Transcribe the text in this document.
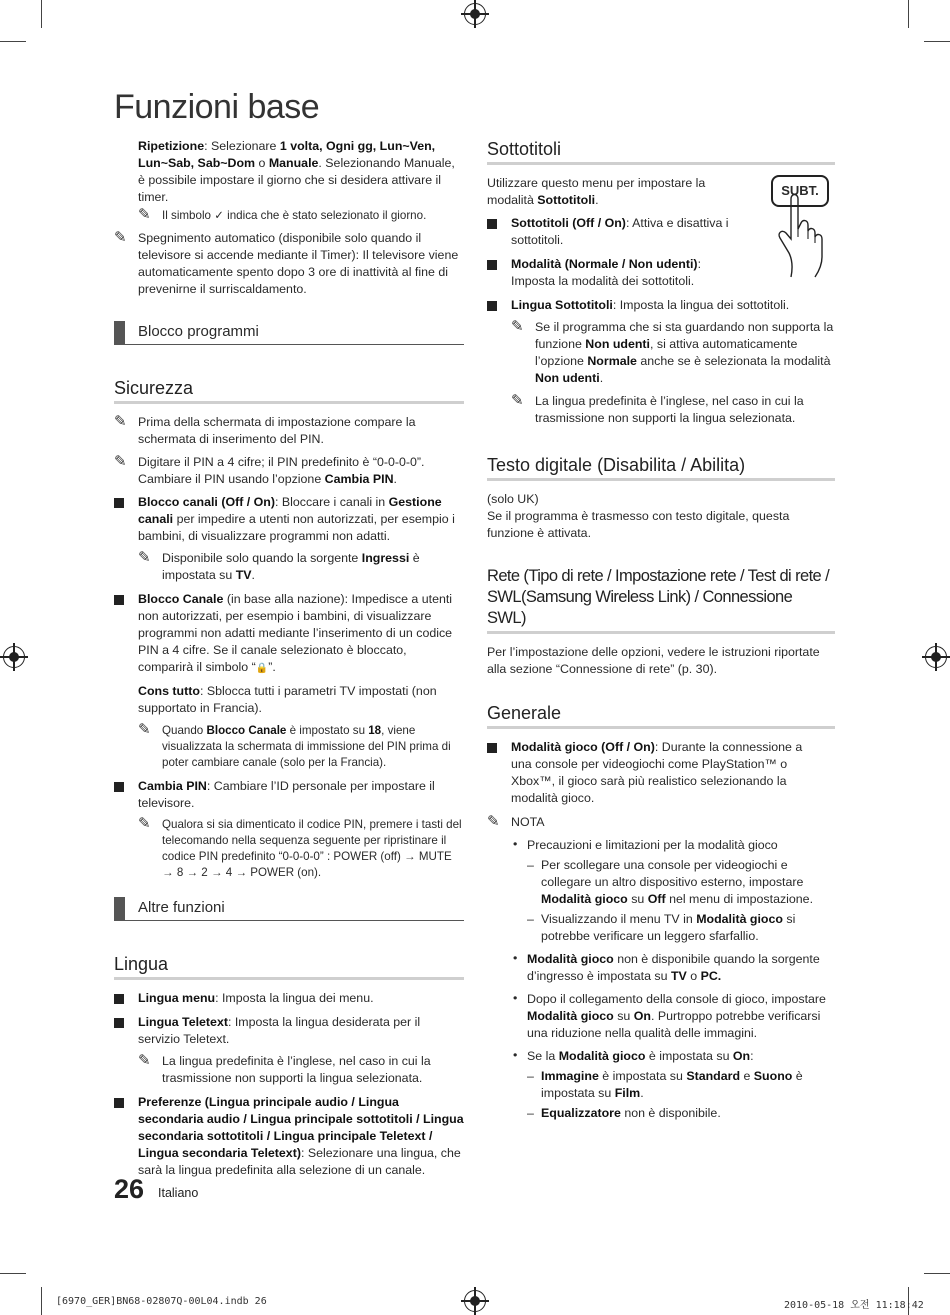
Funzioni base
Ripetizione: Selezionare 1 volta, Ogni gg, Lun~Ven, Lun~Sab, Sab~Dom o Manuale. Selezionando Manuale, è possibile impostare il giorno che si desidera attivare il timer.
✎ Il simbolo ✓ indica che è stato selezionato il giorno.
✎ Spegnimento automatico (disponibile solo quando il televisore si accende mediante il Timer): Il televisore viene automaticamente spento dopo 3 ore di inattività al fine di prevenirne il surriscaldamento.
Blocco programmi
Sicurezza
✎ Prima della schermata di impostazione compare la schermata di inserimento del PIN.
✎ Digitare il PIN a 4 cifre; il PIN predefinito è “0-0-0-0”. Cambiare il PIN usando l’opzione Cambia PIN.
Blocco canali (Off / On): Bloccare i canali in Gestione canali per impedire a utenti non autorizzati, per esempio i bambini, di visualizzare programmi non adatti.
✎ Disponibile solo quando la sorgente Ingressi è impostata su TV.
Blocco Canale (in base alla nazione): Impedisce a utenti non autorizzati, per esempio i bambini, di visualizzare programmi non adatti mediante l’inserimento di un codice PIN a 4 cifre. Se il canale selezionato è bloccato, comparirà il simbolo “🔒”.
Cons tutto: Sblocca tutti i parametri TV impostati (non supportato in Francia).
✎ Quando Blocco Canale è impostato su 18, viene visualizzata la schermata di immissione del PIN prima di poter cambiare canale (solo per la Francia).
Cambia PIN: Cambiare l’ID personale per impostare il televisore.
✎ Qualora si sia dimenticato il codice PIN, premere i tasti del telecomando nella sequenza seguente per ripristinare il codice PIN predefinito “0-0-0-0” : POWER (off) → MUTE → 8 → 2 → 4 → POWER (on).
Altre funzioni
Lingua
Lingua menu: Imposta la lingua dei menu.
Lingua Teletext: Imposta la lingua desiderata per il servizio Teletext.
✎ La lingua predefinita è l’inglese, nel caso in cui la trasmissione non supporti la lingua selezionata.
Preferenze (Lingua principale audio / Lingua secondaria audio / Lingua principale sottotitoli / Lingua secondaria sottotitoli / Lingua principale Teletext / Lingua secondaria Teletext): Selezionare una lingua, che sarà la lingua predefinita alla selezione di un canale.
Sottotitoli
SUBT.
Utilizzare questo menu per impostare la modalità Sottotitoli.
Sottotitoli (Off / On): Attiva e disattiva i sottotitoli.
Modalità (Normale / Non udenti): Imposta la modalità dei sottotitoli.
Lingua Sottotitoli: Imposta la lingua dei sottotitoli.
✎ Se il programma che si sta guardando non supporta la funzione Non udenti, si attiva automaticamente l’opzione Normale anche se è selezionata la modalità Non udenti.
✎ La lingua predefinita è l’inglese, nel caso in cui la trasmissione non supporti la lingua selezionata.
Testo digitale (Disabilita / Abilita)
(solo UK)
Se il programma è trasmesso con testo digitale, questa funzione è attivata.
Rete (Tipo di rete / Impostazione rete / Test di rete / SWL(Samsung Wireless Link) / Connessione SWL)
Per l’impostazione delle opzioni, vedere le istruzioni riportate alla sezione “Connessione di rete” (p. 30).
Generale
Modalità gioco (Off / On): Durante la connessione a una console per videogiochi come PlayStation™ o Xbox™, il gioco sarà più realistico selezionando la modalità gioco.
✎ NOTA
• Precauzioni e limitazioni per la modalità gioco
– Per scollegare una console per videogiochi e collegare un altro dispositivo esterno, impostare Modalità gioco su Off nel menu di impostazione.
– Visualizzando il menu TV in Modalità gioco si potrebbe verificare un leggero sfarfallio.
• Modalità gioco non è disponibile quando la sorgente d’ingresso è impostata su TV o PC.
• Dopo il collegamento della console di gioco, impostare Modalità gioco su On. Purtroppo potrebbe verificarsi una riduzione nella qualità delle immagini.
• Se la Modalità gioco è impostata su On:
– Immagine è impostata su Standard e Suono è impostata su Film.
– Equalizzatore non è disponibile.
26 Italiano
[6970_GER]BN68-02807Q-00L04.indb 26	2010-05-18 오전 11:18:42
